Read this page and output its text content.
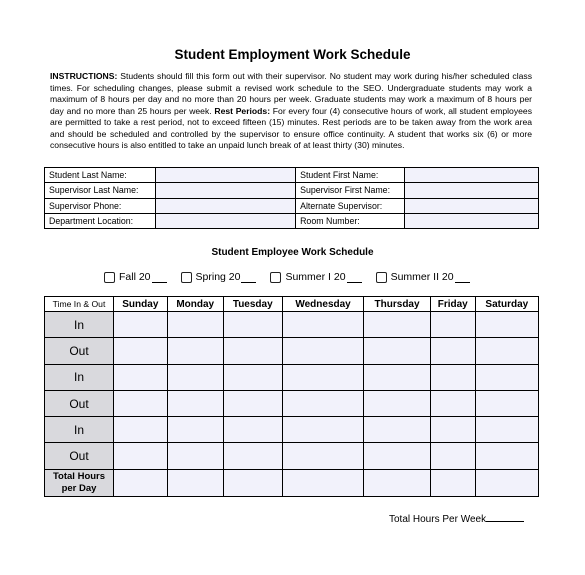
Student Employment Work Schedule
INSTRUCTIONS: Students should fill this form out with their supervisor. No student may work during his/her scheduled class times. For scheduling changes, please submit a revised work schedule to the SEO. Undergraduate students may work a maximum of 8 hours per day and no more than 20 hours per week. Graduate students may work a maximum of 8 hours per day and no more than 25 hours per week. Rest Periods: For every four (4) consecutive hours of work, all student employees are permitted to take a rest period, not to exceed fifteen (15) minutes. Rest periods are to be taken away from the work area and should be scheduled and controlled by the supervisor to ensure office continuity. A student that works six (6) or more consecutive hours is also entitled to take an unpaid lunch break of at least thirty (30) minutes.
Student Last Name:		Student First Name:	
Supervisor Last Name:		Supervisor First Name:	
Supervisor Phone:		Alternate Supervisor:	
Department Location:		Room Number:	
Student Employee Work Schedule
Fall 20	Spring 20	Summer I 20	Summer II 20
Time In & Out	Sunday	Monday	Tuesday	Wednesday	Thursday	Friday	Saturday
In							
Out							
In							
Out							
In							
Out							
Total Hours
per Day							
Total Hours Per Week
